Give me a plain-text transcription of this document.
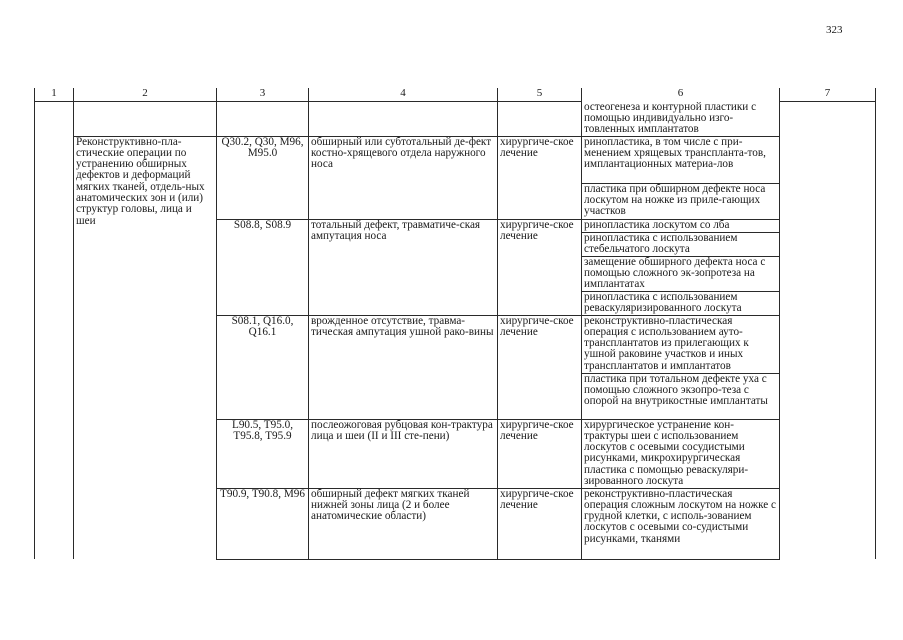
323
1	2	3	4	5	6	7
					остеогенеза и контурной пластики с помощью индивидуально изго-товленных имплантатов	
	Реконструктивно-пла-стические операции по устранению обширных дефектов и деформаций мягких тканей, отдель-ных анатомических зон и (или) структур головы, лица и шеи	Q30.2, Q30, M96, M95.0	обширный или субтотальный де-фект костно-хрящевого отдела наружного носа	хирургиче-ское лечение	ринопластика, в том числе с при-менением хрящевых трансплантa-тов, имплантационных материа-лов	
					пластика при обширном дефекте носа лоскутом на ножке из прилe-гающих участков	
		S08.8, S08.9	тотальный дефект, травматиче-ская ампутация носа	хирургиче-ское лечение	ринопластика лоскутом со лба	
					ринопластика с использованием стебельчатого лоскута	
					замещение обширного дефекта носа с помощью сложного эк-зопротеза на имплантатах	
					ринопластика с использованием реваскуляризированного лоскута	
		S08.1, Q16.0, Q16.1	врожденное отсутствие, травма-тическая ампутация ушной рако-вины	хирургиче-ское лечение	реконструктивно-пластическая операция с использованием ауто-трансплантатов из прилегающих к ушной раковине участков и иных трансплантатов и имплантатов	
					пластика при тотальном дефекте уха с помощью сложного экзопро-теза с опорой на внутрикостные имплантаты	
		L90.5, T95.0, T95.8, T95.9	послеожоговая рубцовая кон-трактура лица и шеи (II и III сте-пени)	хирургиче-ское лечение	хирургическое устранение кон-трактуры шеи с использованием лоскутов с осевыми сосудистыми рисунками, микрохирургическая пластика с помощью реваскуляри-зированного лоскута	
		T90.9, T90.8, M96	обширный дефект мягких тканей нижней зоны лица (2 и более анатомические области)	хирургиче-ское лечение	реконструктивно-пластическая операция сложным лоскутом на ножке с грудной клетки, с исполь-зованием лоскутов с осевыми со-судистыми рисунками, тканями	
